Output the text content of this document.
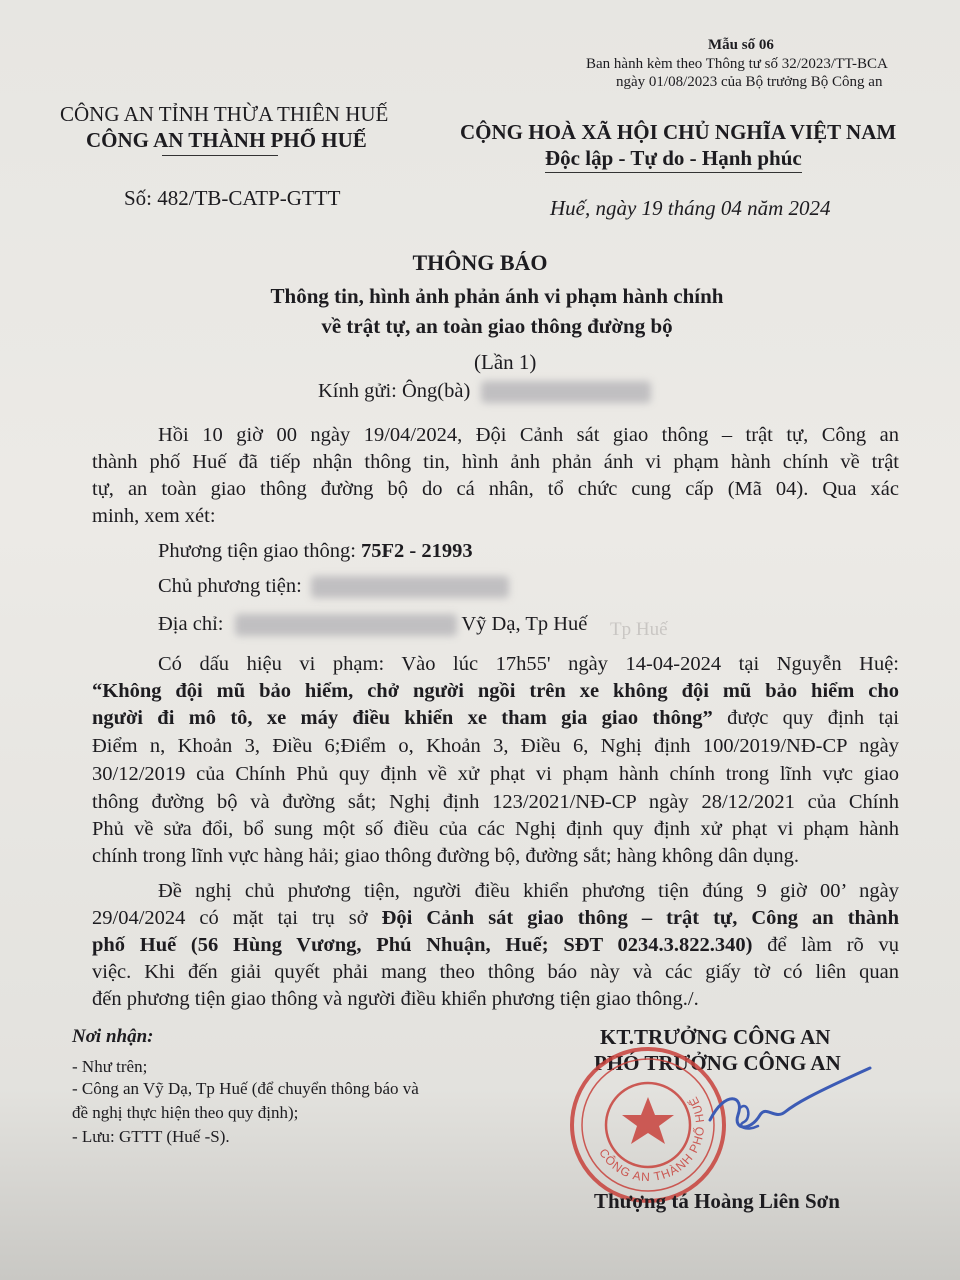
Mẫu số 06
Ban hành kèm theo Thông tư số 32/2023/TT-BCA
ngày 01/08/2023 của Bộ trưởng Bộ Công an
CÔNG AN TỈNH THỪA THIÊN HUẾ
CÔNG AN THÀNH PHỐ HUẾ
Số: 482/TB-CATP-GTTT
CỘNG HOÀ XÃ HỘI CHỦ NGHĨA VIỆT NAM
Độc lập - Tự do - Hạnh phúc
Huế, ngày 19 tháng 04 năm 2024
THÔNG BÁO
Thông tin, hình ảnh phản ánh vi phạm hành chính
về trật tự, an toàn giao thông đường bộ
(Lần 1)
Kính gửi: Ông(bà)
Hồi 10 giờ 00 ngày 19/04/2024, Đội Cảnh sát giao thông – trật tự, Công an
thành phố Huế đã tiếp nhận thông tin, hình ảnh phản ánh vi phạm hành chính về trật
tự, an toàn giao thông đường bộ do cá nhân, tổ chức cung cấp (Mã 04). Qua xác
minh, xem xét:
Phương tiện giao thông: 75F2 - 21993
Chủ phương tiện:
Địa chỉ:	Vỹ Dạ, Tp Huế Tp Huế
Có dấu hiệu vi phạm: Vào lúc 17h55' ngày 14-04-2024 tại Nguyễn Huệ:
“Không đội mũ bảo hiểm, chở người ngồi trên xe không đội mũ bảo hiểm cho
người đi mô tô, xe máy điều khiển xe tham gia giao thông” được quy định tại
Điểm n, Khoản 3, Điều 6;Điểm o, Khoản 3, Điều 6, Nghị định 100/2019/NĐ-CP ngày
30/12/2019 của Chính Phủ quy định về xử phạt vi phạm hành chính trong lĩnh vực giao
thông đường bộ và đường sắt; Nghị định 123/2021/NĐ-CP ngày 28/12/2021 của Chính
Phủ về sửa đổi, bổ sung một số điều của các Nghị định quy định xử phạt vi phạm hành
chính trong lĩnh vực hàng hải; giao thông đường bộ, đường sắt; hàng không dân dụng.
Đề nghị chủ phương tiện, người điều khiển phương tiện đúng 9 giờ 00’ ngày
29/04/2024 có mặt tại trụ sở Đội Cảnh sát giao thông – trật tự, Công an thành
phố Huế (56 Hùng Vương, Phú Nhuận, Huế; SĐT 0234.3.822.340) để làm rõ vụ
việc. Khi đến giải quyết phải mang theo thông báo này và các giấy tờ có liên quan
đến phương tiện giao thông và người điều khiển phương tiện giao thông./.
Nơi nhận:
- Như trên;
- Công an Vỹ Dạ, Tp Huế (để chuyển thông báo và
đề nghị thực hiện theo quy định);
- Lưu: GTTT (Huế -S).
KT.TRƯỞNG CÔNG AN
PHÓ TRƯỞNG CÔNG AN
CÔNG AN THÀNH PHỐ HUẾ
Thượng tá Hoàng Liên Sơn
